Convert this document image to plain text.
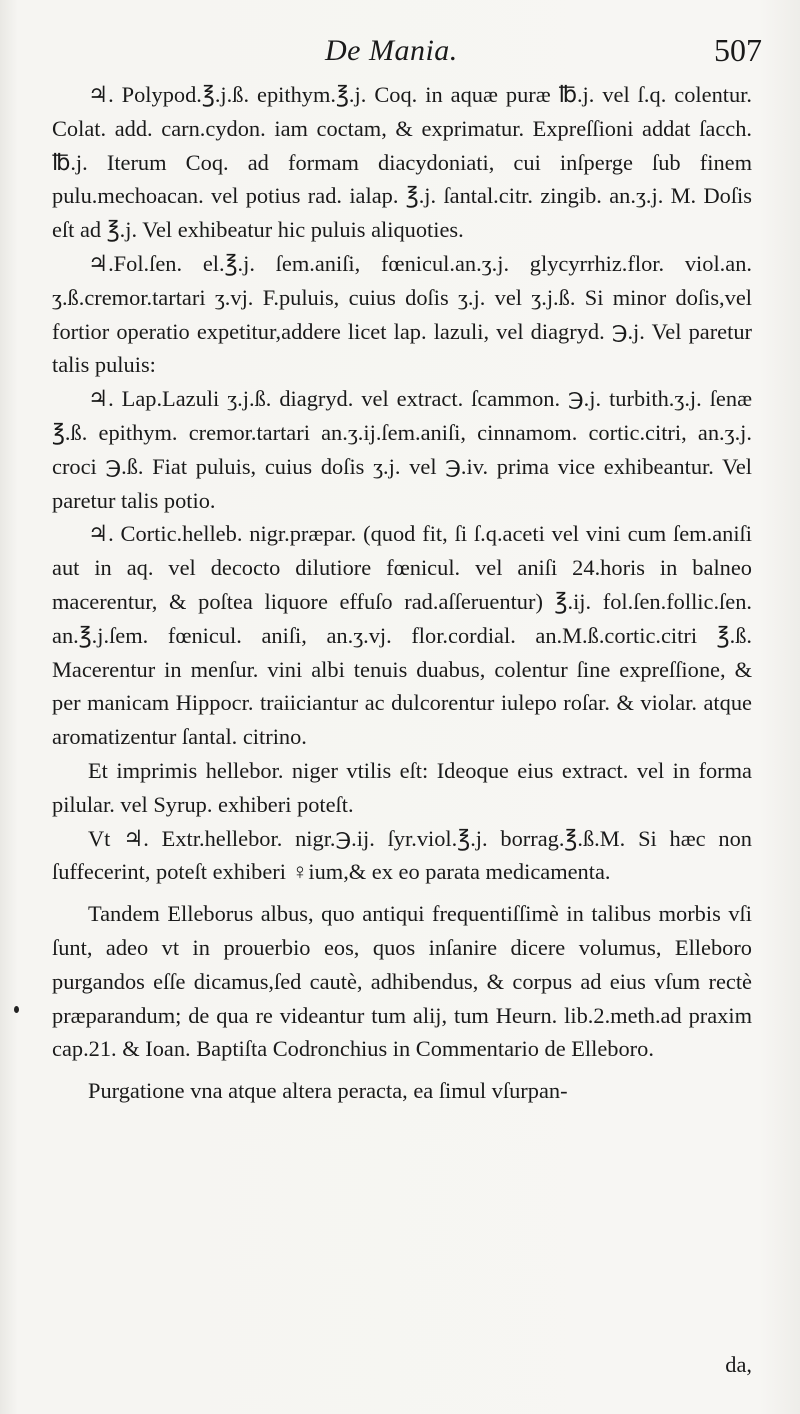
De Mania.	507

♃. Polypod.℥.j.ß. epithym.℥.j. Coq. in aquæ puræ ℔.j. vel ſ.q. colentur. Colat. add. carn.cydon. iam coctam, & exprimatur. Expreſſioni addat ſacch. ℔.j. Iterum Coq. ad formam diacydoniati, cui inſperge ſub finem pulu.mechoacan. vel potius rad. ialap. ℥.j. ſantal.citr. zingib. an.ʒ.j. M. Doſis eſt ad ℥.j. Vel exhibeatur hic puluis aliquoties.

♃.Fol.ſen. el.℥.j. ſem.aniſi, fœnicul.an.ʒ.j. glycyrrhiz.flor. viol.an. ʒ.ß.cremor.tartari ʒ.vj. F.puluis, cuius doſis ʒ.j. vel ʒ.j.ß. Si minor doſis,vel fortior operatio expetitur,addere licet lap. lazuli, vel diagryd. ℈.j. Vel paretur talis puluis:

♃. Lap.Lazuli ʒ.j.ß. diagryd. vel extract. ſcammon. ℈.j. turbith.ʒ.j. ſenæ ℥.ß. epithym. cremor.tartari an.ʒ.ij.ſem.aniſi, cinnamom. cortic.citri, an.ʒ.j. croci ℈.ß. Fiat puluis, cuius doſis ʒ.j. vel ℈.iv. prima vice exhibeantur. Vel paretur talis potio.

♃. Cortic.helleb. nigr.præpar. (quod fit, ſi ſ.q.aceti vel vini cum ſem.aniſi aut in aq. vel decocto dilutiore fœnicul. vel aniſi 24.horis in balneo macerentur, & poſtea liquore effuſo rad.aſſeruentur) ℥.ij. fol.ſen.follic.ſen. an.℥.j.ſem. fœnicul. aniſi, an.ʒ.vj. flor.cordial. an.M.ß.cortic.citri ℥.ß. Macerentur in menſur. vini albi tenuis duabus, colentur ſine expreſſione, & per manicam Hippocr. traiiciantur ac dulcorentur iulepo roſar. & violar. atque aromatizentur ſantal. citrino.

Et imprimis hellebor. niger vtilis eſt: Ideoque eius extract. vel in forma pilular. vel Syrup. exhiberi poteſt.

Vt ♃. Extr.hellebor. nigr.℈.ij. ſyr.viol.℥.j. borrag.℥.ß.M. Si hæc non ſuffecerint, poteſt exhiberi ♀ium,& ex eo parata medicamenta.

Tandem Elleborus albus, quo antiqui frequentiſſimè in talibus morbis vſi ſunt, adeo vt in prouerbio eos, quos inſanire dicere volumus, Elleboro purgandos eſſe dicamus,ſed cautè, adhibendus, & corpus ad eius vſum rectè præparandum; de qua re videantur tum alij, tum Heurn. lib.2.meth.ad praxim cap.21. & Ioan. Baptiſta Codronchius in Commentario de Elleboro.

Purgatione vna atque altera peracta, ea ſimul vſurpan-

da,
